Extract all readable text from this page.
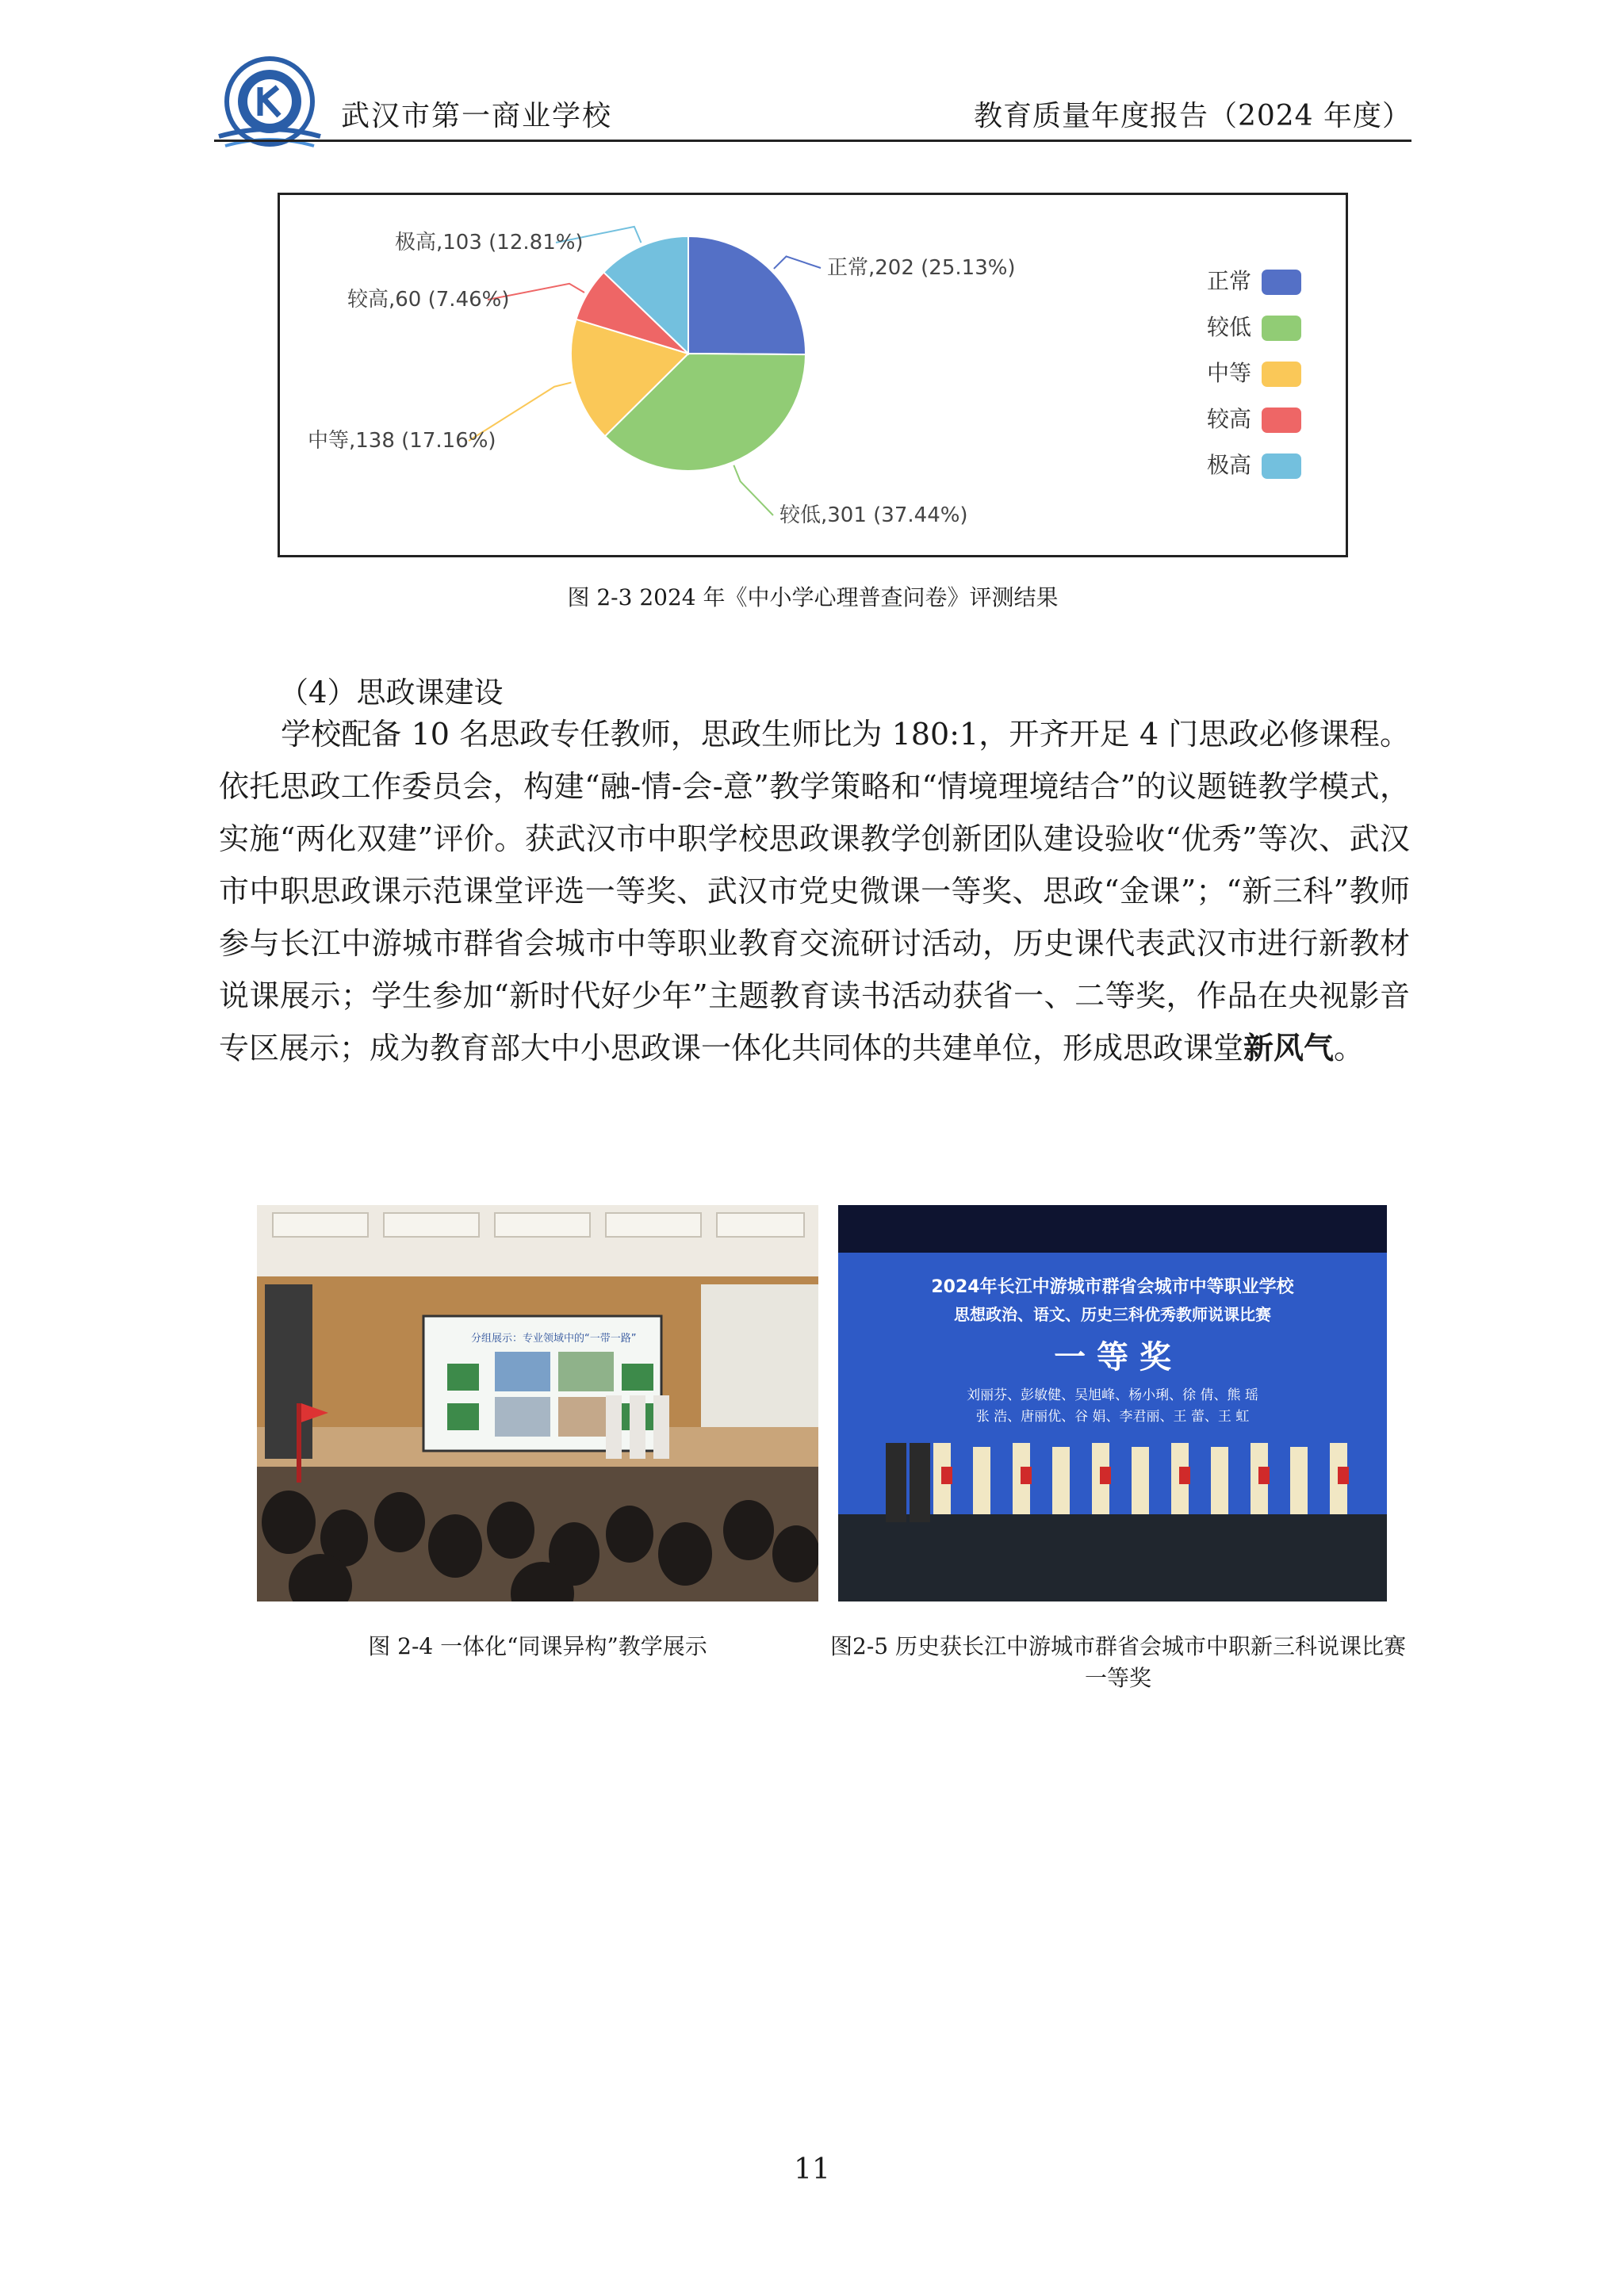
武汉市第一商业学校	教育质量年度报告（2024 年度）
正常,202 (25.13%)
较低,301 (37.44%)
中等,138 (17.16%)
较高,60 (7.46%)
极高,103 (12.81%)
正常
较低
中等
较高
极高
图 2-3 2024 年《中小学心理普查问卷》评测结果
（4）思政课建设

学校配备 10 名思政专任教师，思政生师比为 180:1，开齐开足 4 门思政必修课程。依托思政工作委员会，构建“融-情-会-意”教学策略和“情境理境结合”的议题链教学模式，实施“两化双建”评价。获武汉市中职学校思政课教学创新团队建设验收“优秀”等次、武汉市中职思政课示范课堂评选一等奖、武汉市党史微课一等奖、思政“金课”；“新三科”教师参与长江中游城市群省会城市中等职业教育交流研讨活动，历史课代表武汉市进行新教材说课展示；学生参加“新时代好少年”主题教育读书活动获省一、二等奖，作品在央视影音专区展示；成为教育部大中小思政课一体化共同体的共建单位，形成思政课堂新风气。

分组展示：专业领域中的“一带一路”
图 2-4 一体化“同课异构”教学展示
2024年长江中游城市群省会城市中等职业学校
思想政治、语文、历史三科优秀教师说课比赛
一 等 奖
刘丽芬、彭敏健、吴旭峰、杨小琍、徐 倩、熊 瑶
张 浩、唐丽优、谷 娟、李君丽、王 蕾、王 虹
图2-5 历史获长江中游城市群省会城市中职新三科说课比赛一等奖
11
